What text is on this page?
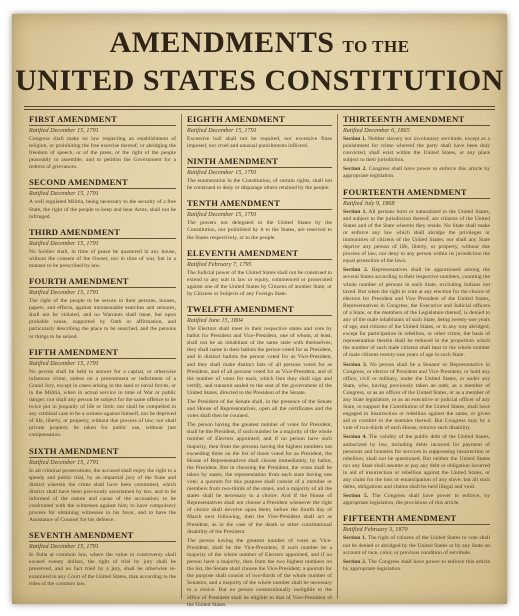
AMENDMENTS TO THE
UNITED STATES CONSTITUTION
FIRST AMENDMENT
Ratified December 15, 1791
Congress shall make no law respecting an establishment of religion, or prohibiting the free exercise thereof; or abridging the freedom of speech, or of the press, or the right of the people peaceably to assemble, and to petition the Government for a redress of grievances.
SECOND AMENDMENT
Ratified December 15, 1791
A well regulated Militia, being necessary to the security of a free State, the right of the people to keep and bear Arms, shall not be infringed.
THIRD AMENDMENT
Ratified December 15, 1791
No Soldier shall, in time of peace be quartered in any house, without the consent of the Owner, nor in time of war, but in a manner to be prescribed by law.
FOURTH AMENDMENT
Ratified December 15, 1791
The right of the people to be secure in their persons, houses, papers, and effects, against unreasonable searches and seizures, shall not be violated, and no Warrants shall issue, but upon probable cause, supported by Oath or affirmation, and particularly describing the place to be searched, and the persons or things to be seized.
FIFTH AMENDMENT
Ratified December 15, 1791
No person shall be held to answer for a capital, or otherwise infamous crime, unless on a presentment or indictment of a Grand Jury, except in cases arising in the land or naval forces, or in the Militia, when in actual service in time of War or public danger; nor shall any person be subject for the same offence to be twice put in jeopardy of life or limb; nor shall be compelled in any criminal case to be a witness against himself, nor be deprived of life, liberty, or property, without due process of law; nor shall private property be taken for public use, without just compensation.
SIXTH AMENDMENT
Ratified December 15, 1791
In all criminal prosecutions, the accused shall enjoy the right to a speedy and public trial, by an impartial jury of the State and district wherein the crime shall have been committed, which district shall have been previously ascertained by law, and to be informed of the nature and cause of the accusation; to be confronted with the witnesses against him; to have compulsory process for obtaining witnesses in his favor, and to have the Assistance of Counsel for his defence.
SEVENTH AMENDMENT
Ratified December 15, 1791
In Suits at common law, where the value in controversy shall exceed twenty dollars, the right of trial by jury shall be preserved, and no fact tried by a jury, shall be otherwise re-examined in any Court of the United States, than according to the rules of the common law.
EIGHTH AMENDMENT
Ratified December 15, 1791
Excessive bail shall not be required, nor excessive fines imposed, nor cruel and unusual punishments inflicted.
NINTH AMENDMENT
Ratified December 15, 1791
The enumeration in the Constitution, of certain rights, shall not be construed to deny or disparage others retained by the people.
TENTH AMENDMENT
Ratified December 15, 1791
The powers not delegated to the United States by the Constitution, nor prohibited by it to the States, are reserved to the States respectively, or to the people.
ELEVENTH AMENDMENT
Ratified February 7, 1795
The Judicial power of the United States shall not be construed to extend to any suit in law or equity, commenced or prosecuted against one of the United States by Citizens of another State, or by Citizens or Subjects of any Foreign State.
TWELFTH AMENDMENT
Ratified June 15, 1804
The Electors shall meet in their respective states and vote by ballot for President and Vice-President, one of whom, at least, shall not be an inhabitant of the same state with themselves; they shall name in their ballots the person voted for as President, and in distinct ballots the person voted for as Vice-President, and they shall make distinct lists of all persons voted for as President, and of all persons voted for as Vice-President, and of the number of votes for each, which lists they shall sign and certify, and transmit sealed to the seat of the government of the United States, directed to the President of the Senate.
The President of the Senate shall, in the presence of the Senate and House of Representatives, open all the certificates and the votes shall then be counted.
The person having the greatest number of votes for President, shall be the President, if such number be a majority of the whole number of Electors appointed; and if no person have such majority, then from the persons having the highest numbers not exceeding three on the list of those voted for as President, the House of Representatives shall choose immediately, by ballot, the President. But in choosing the President, the votes shall be taken by states, the representation from each state having one vote; a quorum for this purpose shall consist of a member or members from two-thirds of the states, and a majority of all the states shall be necessary to a choice. And if the House of Representatives shall not choose a President whenever the right of choice shall devolve upon them, before the fourth day of March next following, then the Vice-President shall act as President, as in the case of the death or other constitutional disability of the President.
The person having the greatest number of votes as Vice-President, shall be the Vice-President, if such number be a majority of the whole number of Electors appointed, and if no person have a majority, then from the two highest numbers on the list, the Senate shall choose the Vice-President; a quorum for the purpose shall consist of two-thirds of the whole number of Senators, and a majority of the whole number shall be necessary to a choice. But no person constitutionally ineligible to the office of President shall be eligible to that of Vice-President of the United States.
THIRTEENTH AMENDMENT
Ratified December 6, 1865
Section 1. Neither slavery nor involuntary servitude, except as a punishment for crime whereof the party shall have been duly convicted, shall exist within the United States, or any place subject to their jurisdiction.
Section 2. Congress shall have power to enforce this article by appropriate legislation.
FOURTEENTH AMENDMENT
Ratified July 9, 1868
Section 1. All persons born or naturalized in the United States, and subject to the jurisdiction thereof, are citizens of the United States and of the State wherein they reside. No State shall make or enforce any law which shall abridge the privileges or immunities of citizens of the United States; nor shall any State deprive any person of life, liberty, or property, without due process of law; nor deny to any person within its jurisdiction the equal protection of the laws.
Section 2. Representatives shall be apportioned among the several States according to their respective numbers, counting the whole number of persons in each State, excluding Indians not taxed. But when the right to vote at any election for the choice of electors for President and Vice President of the United States, Representatives in Congress, the Executive and Judicial officers of a State, or the members of the Legislature thereof, is denied to any of the male inhabitants of such State, being twenty-one years of age, and citizens of the United States, or in any way abridged, except for participation in rebellion, or other crime, the basis of representation therein shall be reduced in the proportion which the number of such male citizens shall bear to the whole number of male citizens twenty-one years of age in such State.
Section 3. No person shall be a Senator or Representative in Congress, or elector of President and Vice President, or hold any office, civil or military, under the United States, or under any State, who, having previously taken an oath, as a member of Congress, or as an officer of the United States, or as a member of any State legislature, or as an executive or judicial officer of any State, to support the Constitution of the United States, shall have engaged in insurrection or rebellion against the same, or given aid or comfort to the enemies thereof. But Congress may by a vote of two-thirds of each House, remove such disability.
Section 4. The validity of the public debt of the United States, authorized by law, including debts incurred for payment of pensions and bounties for services in suppressing insurrection or rebellion, shall not be questioned. But neither the United States nor any State shall assume or pay any debt or obligation incurred in aid of insurrection or rebellion against the United States, or any claim for the loss or emancipation of any slave; but all such debts, obligations and claims shall be held illegal and void.
Section 5. The Congress shall have power to enforce, by appropriate legislation, the provisions of this article.
FIFTEENTH AMENDMENT
Ratified February 3, 1870
Section 1. The right of citizens of the United States to vote shall not be denied or abridged by the United States or by any State on account of race, color, or previous condition of servitude.
Section 2. The Congress shall have power to enforce this article by appropriate legislation.
